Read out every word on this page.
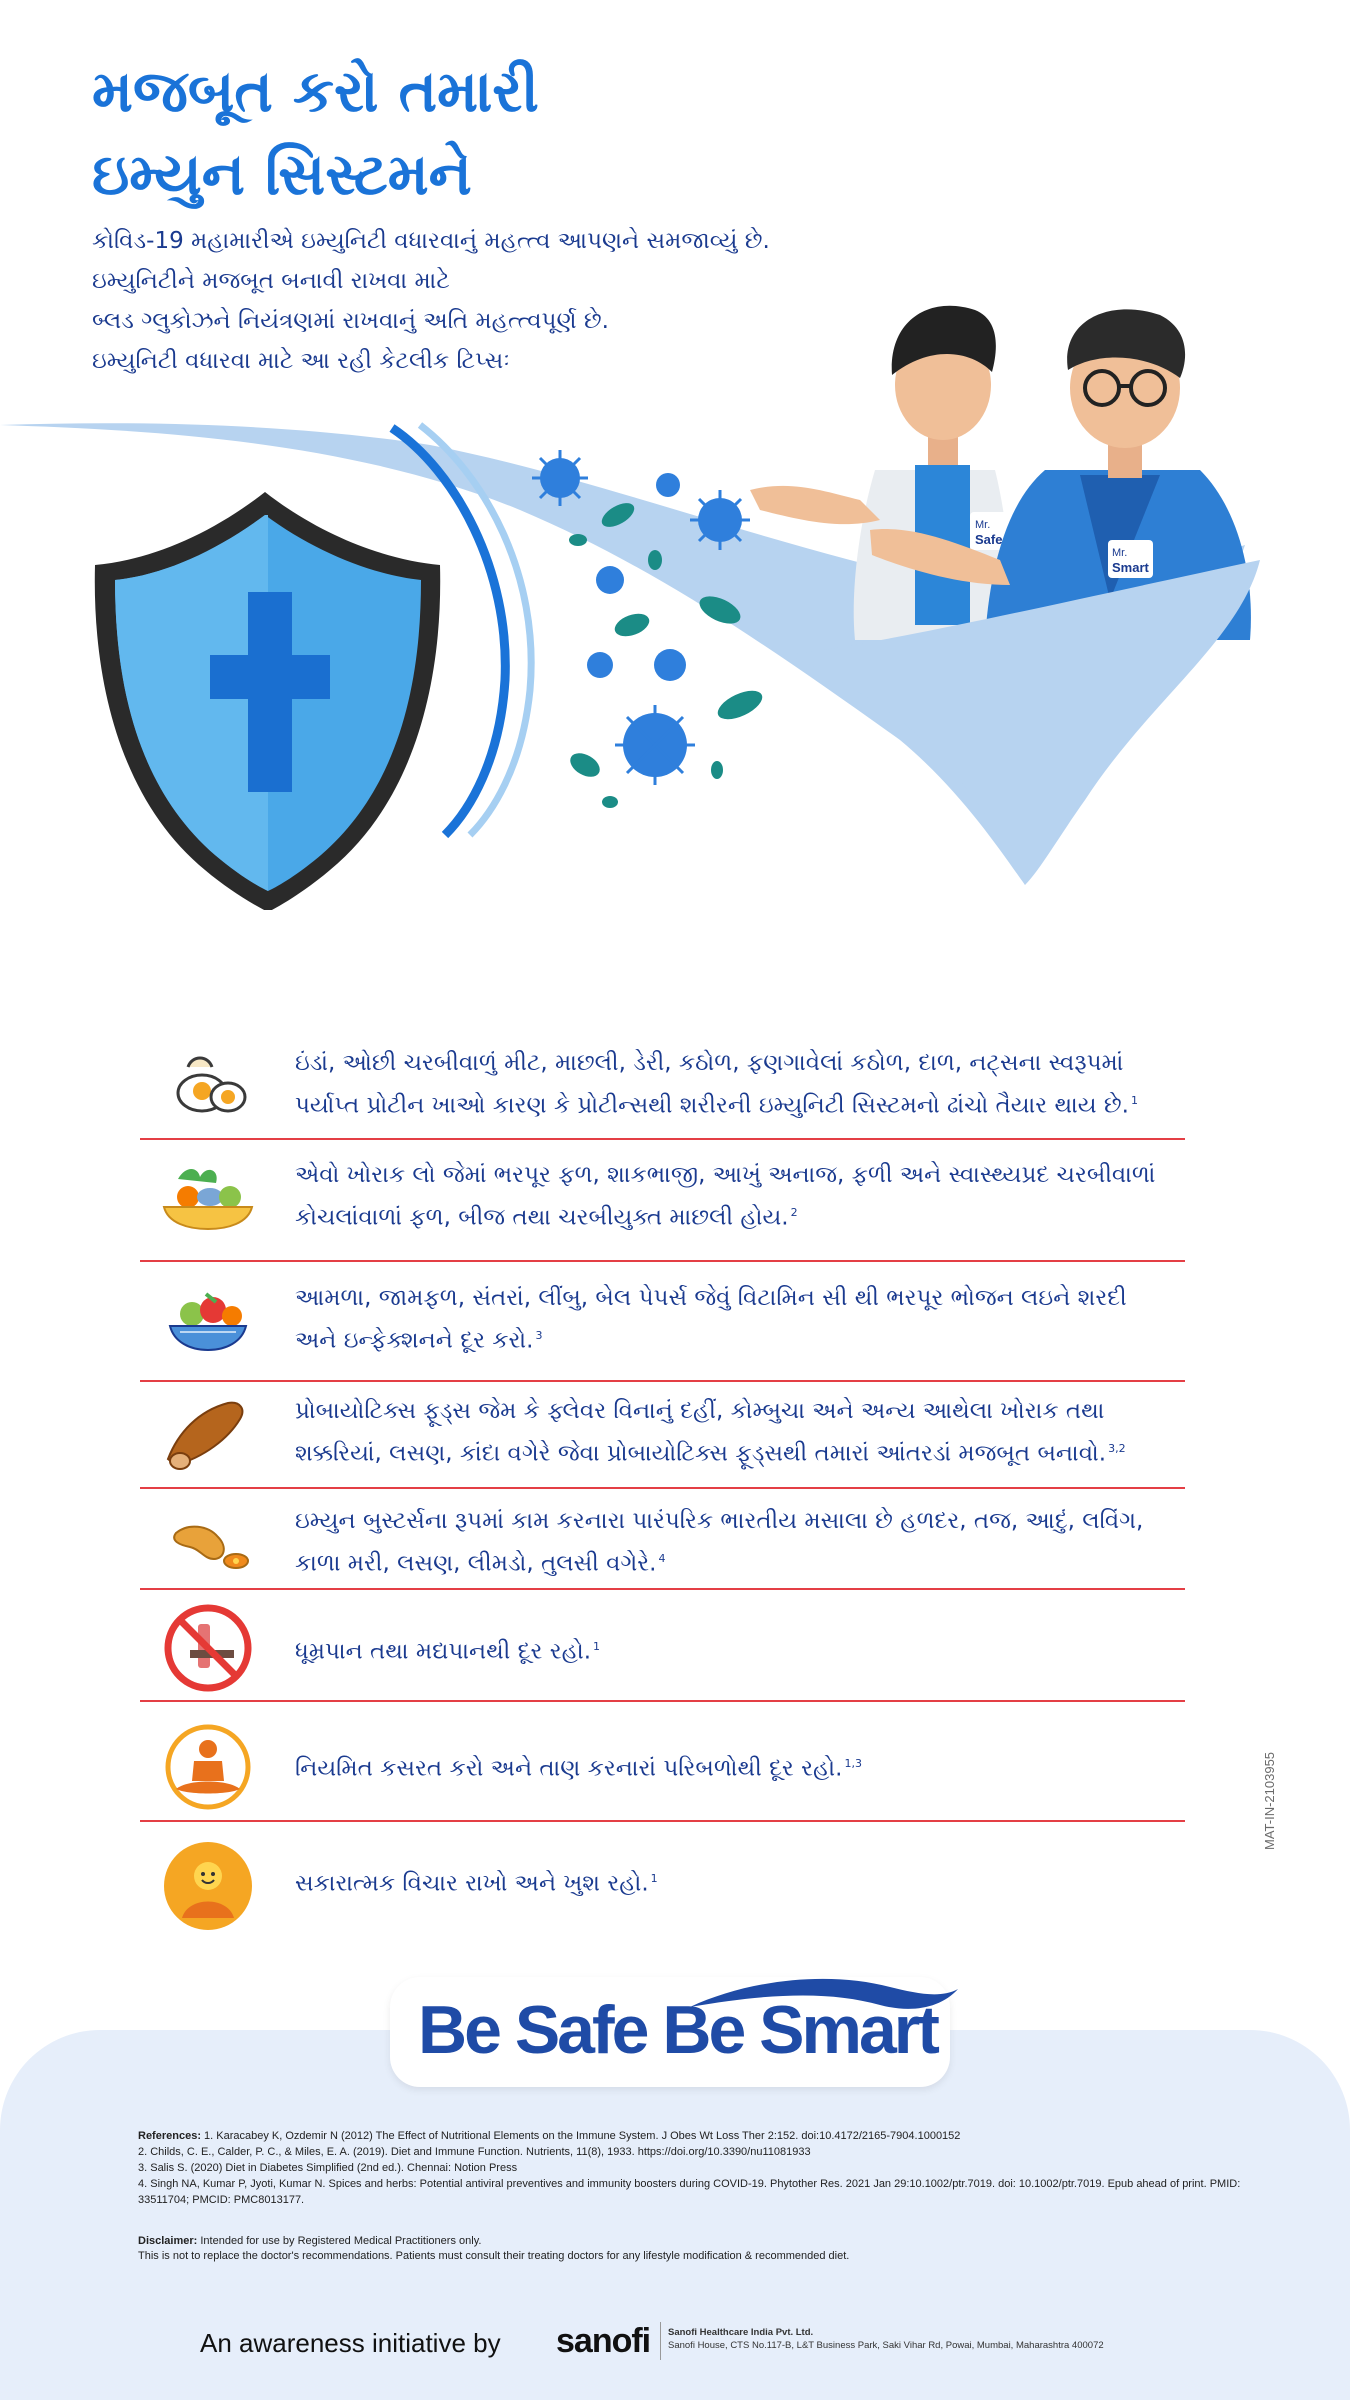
મજબૂત કરો તમારી
ઇમ્યુન સિસ્ટમને
કોવિડ-19 મહામારીએ ઇમ્યુનિટી વધારવાનું મહત્ત્વ આપણને સમજાવ્યું છે.
ઇમ્યુનિટીને મજબૂત બનાવી રાખવા માટે
બ્લડ ગ્લુકોઝને નિયંત્રણમાં રાખવાનું અતિ મહત્ત્વપૂર્ણ છે.
ઇમ્યુનિટી વધારવા માટે આ રહી કેટલીક ટિપ્સઃ
Mr.
Safe
Mr.
Smart
ઇંડાં, ઓછી ચરબીવાળું મીટ, માછલી, ડેરી, કઠોળ, ફણગાવેલાં કઠોળ, દાળ, નટ્સના સ્વરૂપમાં
પર્યાપ્ત પ્રોટીન ખાઓ કારણ કે પ્રોટીન્સથી શરીરની ઇમ્યુનિટી સિસ્ટમનો ઢાંચો તૈયાર થાય છે. $^1$
એવો ખોરાક લો જેમાં ભરપૂર ફળ, શાકભાજી, આખું અનાજ, ફળી અને સ્વાસ્થ્યપ્રદ ચરબીવાળાં
કોચલાંવાળાં ફળ, બીજ તથા ચરબીયુક્ત માછલી હોય. $^2$
આમળા, જામફળ, સંતરાં, લીંબુ, બેલ પેપર્સ જેવું વિટામિન સી થી ભરપૂર ભોજન લઇને શરદી
અને ઇન્ફેક્શનને દૂર કરો. $^3$
પ્રોબાયોટિક્સ ફૂડ્સ જેમ કે ફ્લેવર વિનાનું દહીં, કોમ્બુચા અને અન્ય આથેલા ખોરાક તથા
શક્કરિયાં, લસણ, કાંદા વગેરે જેવા પ્રોબાયોટિક્સ ફૂડ્સથી તમારાં આંતરડાં મજબૂત બનાવો. $^{3,2}$
ઇમ્યુન બુસ્ટર્સના રૂપમાં કામ કરનારા પારંપરિક ભારતીય મસાલા છે હળદર, તજ, આદું, લવિંગ,
કાળા મરી, લસણ, લીમડો, તુલસી વગેરે. $^4$
ધૂમ્રપાન તથા મદ્યપાનથી દૂર રહો. $^1$
નિયમિત કસરત કરો અને તાણ કરનારાં પરિબળોથી દૂર રહો. $^{1,3}$
સકારાત્મક વિચાર રાખો અને ખુશ રહો. $^1$
MAT-IN-2103955
Be Safe Be Smart
References: 1. Karacabey K, Ozdemir N (2012) The Effect of Nutritional Elements on the Immune System. J Obes Wt Loss Ther 2:152. doi:10.4172/2165-7904.1000152
2. Childs, C. E., Calder, P. C., & Miles, E. A. (2019). Diet and Immune Function. Nutrients, 11(8), 1933. https://doi.org/10.3390/nu11081933
3. Salis S. (2020) Diet in Diabetes Simplified (2nd ed.). Chennai: Notion Press
4. Singh NA, Kumar P, Jyoti, Kumar N. Spices and herbs: Potential antiviral preventives and immunity boosters during COVID-19. Phytother Res. 2021 Jan 29:10.1002/ptr.7019. doi: 10.1002/ptr.7019. Epub ahead of print. PMID:
33511704; PMCID: PMC8013177.
Disclaimer: Intended for use by Registered Medical Practitioners only.
This is not to replace the doctor's recommendations. Patients must consult their treating doctors for any lifestyle modification & recommended diet.
An awareness initiative by sanofi Sanofi Healthcare India Pvt. Ltd.
Sanofi House, CTS No.117-B, L&T Business Park, Saki Vihar Rd, Powai, Mumbai, Maharashtra 400072
